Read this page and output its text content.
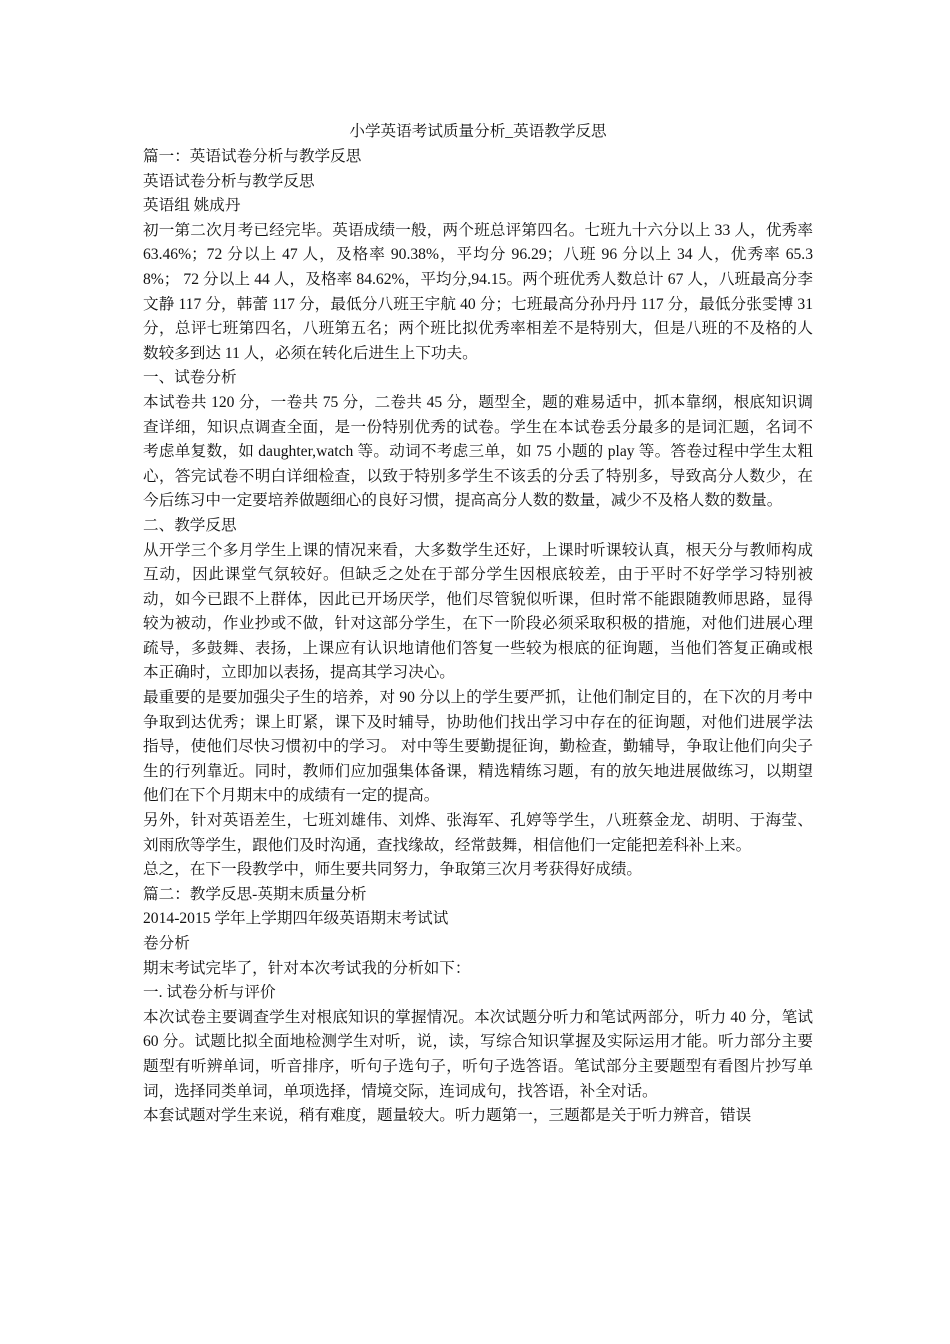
小学英语考试质量分析_英语教学反思

篇一：英语试卷分析与教学反思

英语试卷分析与教学反思

英语组 姚成丹

初一第二次月考已经完毕。英语成绩一般，两个班总评第四名。七班九十六分以上 33 人，优秀率 63.46%；72 分以上 47 人，及格率 90.38%，平均分 96.29；八班 96 分以上 34 人，优秀率 65.38%； 72 分以上 44 人，及格率 84.62%，平均分,94.15。两个班优秀人数总计 67 人，八班最高分李文静 117 分，韩蕾 117 分，最低分八班王宇航 40 分；七班最高分孙丹丹 117 分，最低分张雯博 31 分，总评七班第四名，八班第五名；两个班比拟优秀率相差不是特别大，但是八班的不及格的人数较多到达 11 人，必须在转化后进生上下功夫。

一、试卷分析

本试卷共 120 分，一卷共 75 分，二卷共 45 分，题型全，题的难易适中，抓本靠纲，根底知识调查详细，知识点调查全面，是一份特别优秀的试卷。学生在本试卷丢分最多的是词汇题，名词不考虑单复数，如 daughter,watch 等。动词不考虑三单，如 75 小题的 play 等。答卷过程中学生太粗心，答完试卷不明白详细检查，以致于特别多学生不该丢的分丢了特别多，导致高分人数少，在今后练习中一定要培养做题细心的良好习惯，提高高分人数的数量，减少不及格人数的数量。

二、教学反思

从开学三个多月学生上课的情况来看，大多数学生还好，上课时听课较认真，根天分与教师构成互动，因此课堂气氛较好。但缺乏之处在于部分学生因根底较差，由于平时不好学学习特别被动，如今已跟不上群体，因此已开场厌学，他们尽管貌似听课，但时常不能跟随教师思路，显得较为被动，作业抄或不做，针对这部分学生，在下一阶段必须采取积极的措施，对他们进展心理疏导，多鼓舞、表扬，上课应有认识地请他们答复一些较为根底的征询题，当他们答复正确或根本正确时，立即加以表扬，提高其学习决心。

最重要的是要加强尖子生的培养，对 90 分以上的学生要严抓，让他们制定目的，在下次的月考中争取到达优秀；课上盯紧，课下及时辅导，协助他们找出学习中存在的征询题，对他们进展学法指导，使他们尽快习惯初中的学习。 对中等生要勤提征询，勤检查，勤辅导，争取让他们向尖子生的行列靠近。同时，教师们应加强集体备课，精选精练习题，有的放矢地进展做练习，以期望他们在下个月期末中的成绩有一定的提高。

另外，针对英语差生，七班刘雄伟、刘烨、张海军、孔婷等学生，八班蔡金龙、胡明、于海莹、刘雨欣等学生，跟他们及时沟通，查找缘故，经常鼓舞，相信他们一定能把差科补上来。

总之，在下一段教学中，师生要共同努力，争取第三次月考获得好成绩。

篇二：教学反思-英期末质量分析

2014-2015 学年上学期四年级英语期末考试试

卷分析

期末考试完毕了，针对本次考试我的分析如下：

一. 试卷分析与评价

本次试卷主要调查学生对根底知识的掌握情况。本次试题分听力和笔试两部分，听力 40 分，笔试 60 分。试题比拟全面地检测学生对听，说，读，写综合知识掌握及实际运用才能。听力部分主要题型有听辨单词，听音排序，听句子选句子，听句子选答语。笔试部分主要题型有看图片抄写单词，选择同类单词，单项选择，情境交际，连词成句，找答语，补全对话。

本套试题对学生来说，稍有难度，题量较大。听力题第一，三题都是关于听力辨音，错误
